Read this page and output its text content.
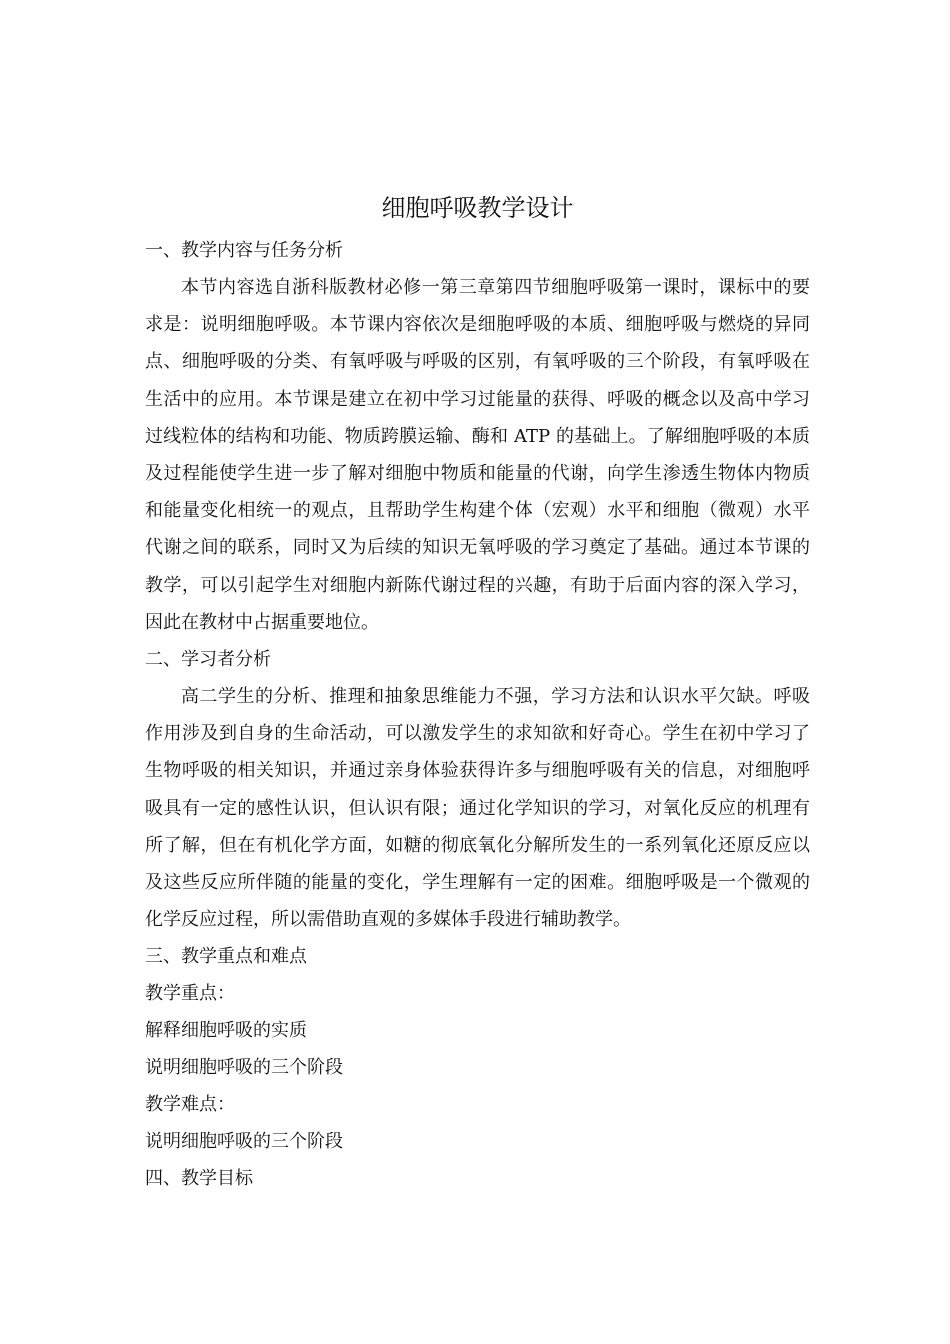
细胞呼吸教学设计
一、教学内容与任务分析

本节内容选自浙科版教材必修一第三章第四节细胞呼吸第一课时，课标中的要求是：说明细胞呼吸。本节课内容依次是细胞呼吸的本质、细胞呼吸与燃烧的异同点、细胞呼吸的分类、有氧呼吸与呼吸的区别，有氧呼吸的三个阶段，有氧呼吸在生活中的应用。本节课是建立在初中学习过能量的获得、呼吸的概念以及高中学习过线粒体的结构和功能、物质跨膜运输、酶和 ATP 的基础上。了解细胞呼吸的本质及过程能使学生进一步了解对细胞中物质和能量的代谢，向学生渗透生物体内物质和能量变化相统一的观点，且帮助学生构建个体（宏观）水平和细胞（微观）水平代谢之间的联系，同时又为后续的知识无氧呼吸的学习奠定了基础。通过本节课的教学，可以引起学生对细胞内新陈代谢过程的兴趣，有助于后面内容的深入学习，因此在教材中占据重要地位。

二、学习者分析

高二学生的分析、推理和抽象思维能力不强，学习方法和认识水平欠缺。呼吸作用涉及到自身的生命活动，可以激发学生的求知欲和好奇心。学生在初中学习了生物呼吸的相关知识，并通过亲身体验获得许多与细胞呼吸有关的信息，对细胞呼吸具有一定的感性认识，但认识有限；通过化学知识的学习，对氧化反应的机理有所了解，但在有机化学方面，如糖的彻底氧化分解所发生的一系列氧化还原反应以及这些反应所伴随的能量的变化，学生理解有一定的困难。细胞呼吸是一个微观的化学反应过程，所以需借助直观的多媒体手段进行辅助教学。

三、教学重点和难点
教学重点：
解释细胞呼吸的实质
说明细胞呼吸的三个阶段
教学难点：
说明细胞呼吸的三个阶段
四、教学目标
